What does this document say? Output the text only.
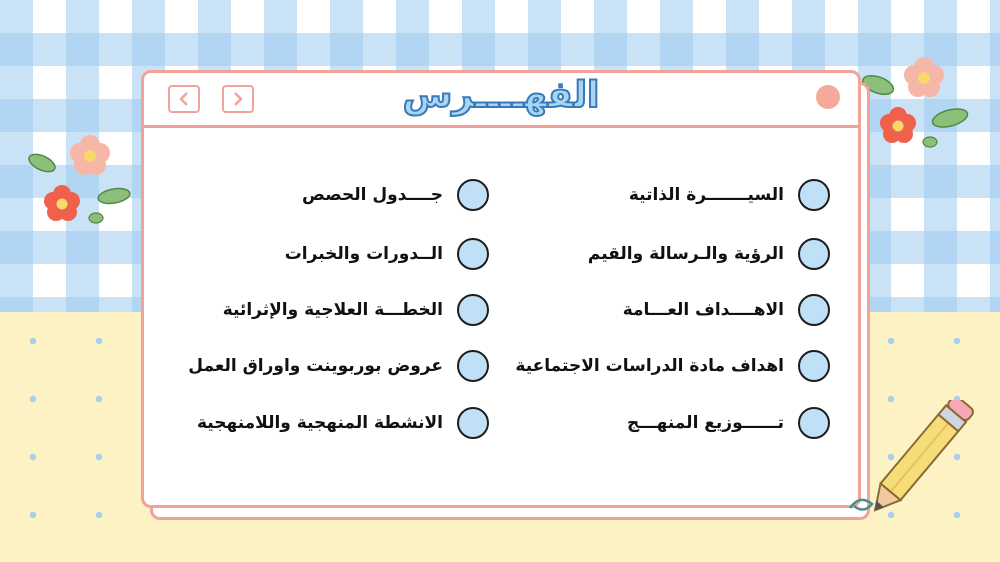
الفهــــرس
السيـــــــرة الذاتية
الرؤية والـرسالة والقيم
الاهــــداف العـــامة
اهداف مادة الدراسات الاجتماعية
تــــــوزيع المنهـــج
جــــدول الحصص
الــدورات والخبرات
الخطـــة العلاجية والإثرائية
عروض بوربوينت واوراق العمل
الانشطة المنهجية واللامنهجية
